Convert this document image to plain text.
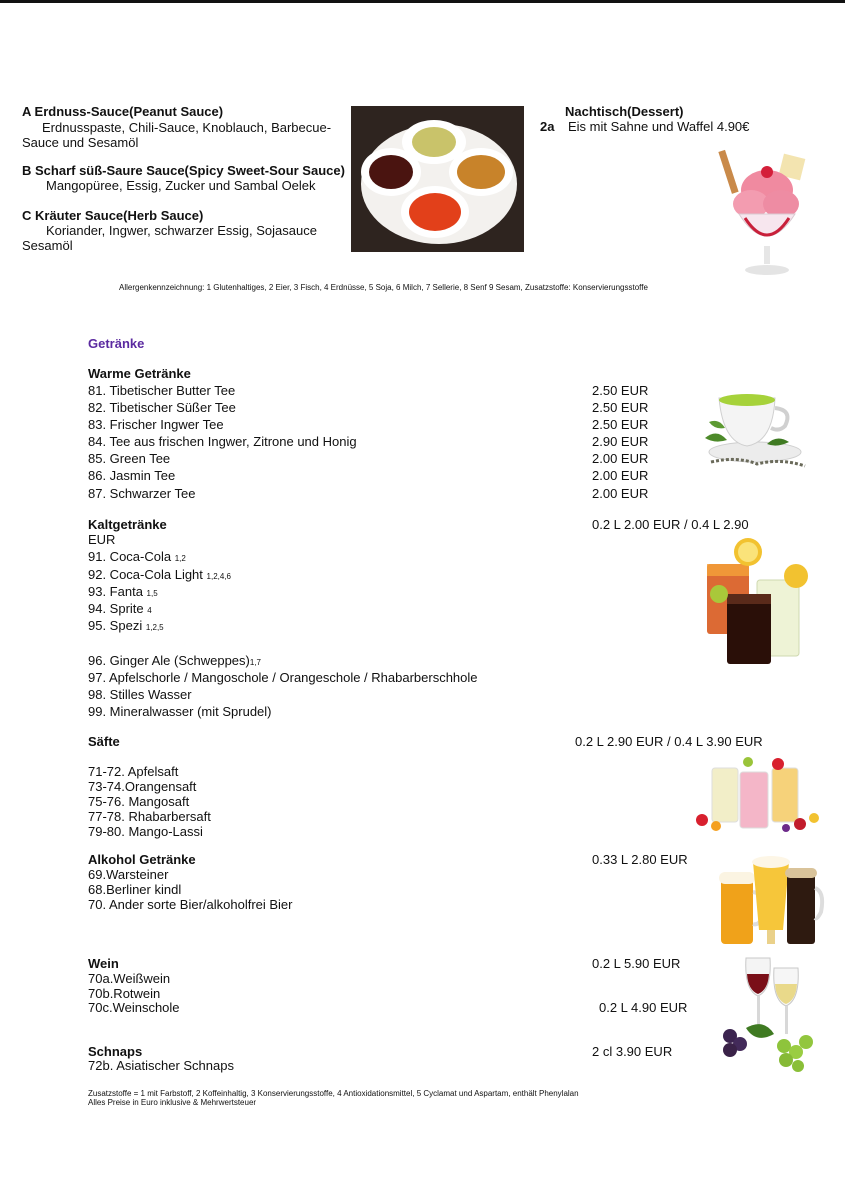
A Erdnuss-Sauce(Peanut Sauce)
Erdnusspaste, Chili-Sauce, Knoblauch, Barbecue-
Sauce und Sesamöl
B Scharf süß-Saure Sauce(Spicy Sweet-Sour Sauce)
Mangopüree, Essig, Zucker und Sambal Oelek
C Kräuter Sauce(Herb Sauce)
Koriander, Ingwer, schwarzer Essig, Sojasauce
Sesamöl
Nachtisch(Dessert)
2a Eis mit Sahne und Waffel 4.90€
Allergenkennzeichnung: 1 Glutenhaltiges, 2 Eier, 3 Fisch, 4 Erdnüsse, 5 Soja, 6 Milch, 7 Sellerie, 8 Senf 9 Sesam, Zusatzstoffe: Konservierungsstoffe
Getränke
Warme Getränke
81. Tibetischer Butter Tee	2.50 EUR
82. Tibetischer Süßer Tee	2.50 EUR
83. Frischer Ingwer Tee	2.50 EUR
84. Tee aus frischen Ingwer, Zitrone und Honig	2.90 EUR
85. Green Tee	2.00 EUR
86. Jasmin Tee	2.00 EUR
87. Schwarzer Tee	2.00 EUR
Kaltgetränke	0.2 L 2.00 EUR / 0.4 L 2.90
EUR
91. Coca-Cola 1,2
92. Coca-Cola Light 1,2,4,6
93. Fanta 1,5
94. Sprite 4
95. Spezi 1,2,5
96. Ginger Ale (Schweppes)1,7
97. Apfelschorle / Mangoschole / Orangeschole / Rhabarberschhole
98. Stilles Wasser
99. Mineralwasser (mit Sprudel)
Säfte	0.2 L 2.90 EUR / 0.4 L 3.90 EUR
71-72. Apfelsaft
73-74.Orangensaft
75-76. Mangosaft
77-78. Rhabarbersaft
79-80. Mango-Lassi
Alkohol Getränke	0.33 L 2.80 EUR
69.Warsteiner
68.Berliner kindl
70. Ander sorte Bier/alkoholfrei Bier
Wein	0.2 L 5.90 EUR
70a.Weißwein
70b.Rotwein
70c.Weinschole	0.2 L 4.90 EUR
Schnaps	2 cl 3.90 EUR
72b. Asiatischer Schnaps
Zusatzstoffe = 1 mit Farbstoff, 2 Koffeinhaltig, 3 Konservierungsstoffe, 4 Antioxidationsmittel, 5 Cyclamat und Aspartam, enthält Phenylalan
Alles Preise in Euro inklusive & Mehrwertsteuer
